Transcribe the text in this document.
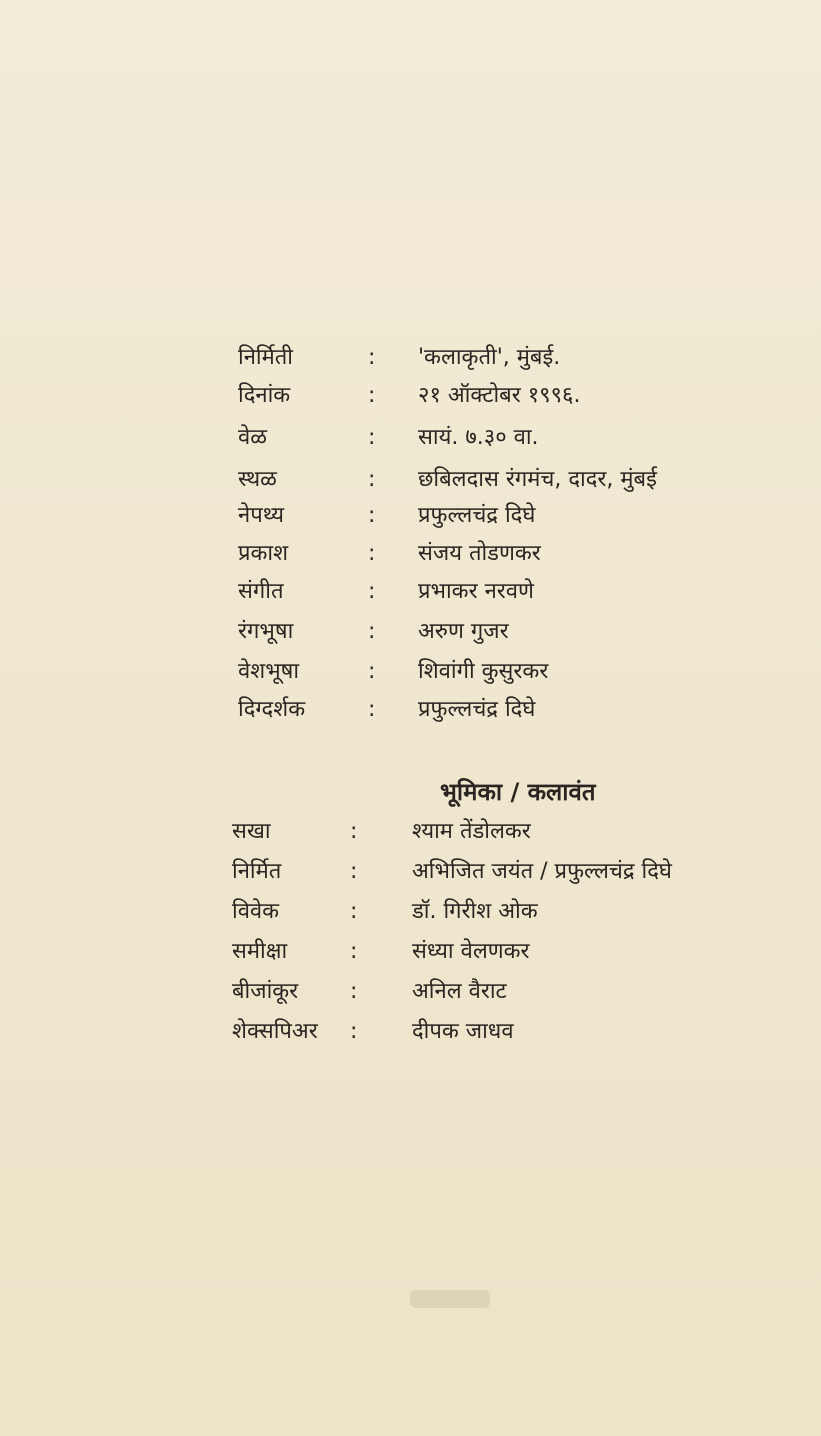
निर्मिती	: 'कलाकृती', मुंबई.
दिनांक	: २१ ऑक्टोबर १९९६.
वेळ	: सायं. ७.३० वा.
स्थळ	: छबिलदास रंगमंच, दादर, मुंबई
नेपथ्य	: प्रफुल्लचंद्र दिघे
प्रकाश	: संजय तोडणकर
संगीत	: प्रभाकर नरवणे
रंगभूषा	: अरुण गुजर
वेशभूषा	: शिवांगी कुसुरकर
दिग्दर्शक	: प्रफुल्लचंद्र दिघे
भूमिका / कलावंत
सखा	: श्याम तेंडोलकर
निर्मित	: अभिजित जयंत / प्रफुल्लचंद्र दिघे
विवेक	: डॉ. गिरीश ओक
समीक्षा	: संध्या वेलणकर
बीजांकूर : अनिल वैराट
शेक्सपिअर : दीपक जाधव
